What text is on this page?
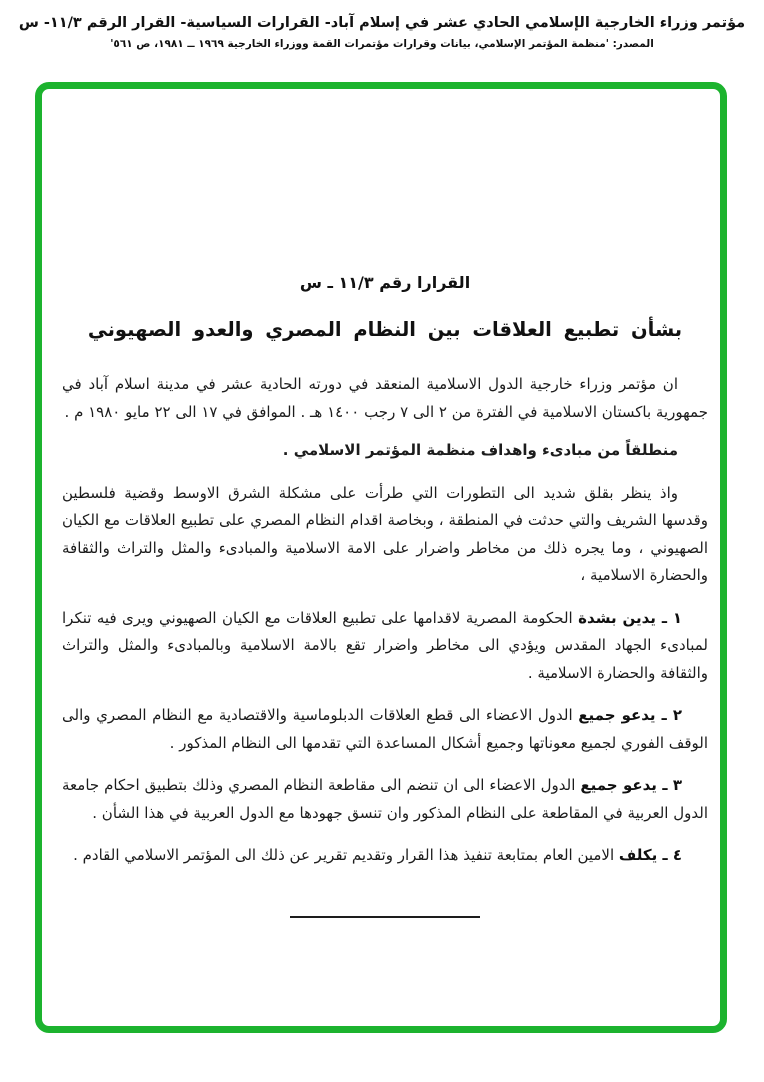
مؤتمر وزراء الخارجية الإسلامي الحادي عشر في إسلام آباد- القرارات السياسية- القرار الرقم ١١/٣- س
المصدر: 'منظمة المؤتمر الإسلامي، بيانات وقرارات مؤتمرات القمة ووزراء الخارجية ١٩٦٩ ــ ١٩٨١، ص ٥٦١'
القرارا رقم ١١/٣ ـ س
بشأن تطبيع العلاقات بين النظام المصري والعدو الصهيوني

ان مؤتمر وزراء خارجية الدول الاسلامية المنعقد في دورته الحادية عشر في مدينة اسلام آباد في جمهورية باكستان الاسلامية في الفترة من ٢ الى ٧ رجب ١٤٠٠ هـ . الموافق في ١٧ الى ٢٢ مايو ١٩٨٠ م .

منطلقاً من مبادىء واهداف منظمة المؤتمر الاسلامي .

واذ ينظر بقلق شديد الى التطورات التي طرأت على مشكلة الشرق الاوسط وقضية فلسطين وقدسها الشريف والتي حدثت في المنطقة ، وبخاصة اقدام النظام المصري على تطبيع العلاقات مع الكيان الصهيوني ، وما يجره ذلك من مخاطر واضرار على الامة الاسلامية والمبادىء والمثل والتراث والثقافة والحضارة الاسلامية ،

١ ـ يدين بشدة الحكومة المصرية لاقدامها على تطبيع العلاقات مع الكيان الصهيوني ويرى فيه تنكرا لمبادىء الجهاد المقدس ويؤدي الى مخاطر واضرار تقع بالامة الاسلامية وبالمبادىء والمثل والتراث والثقافة والحضارة الاسلامية .

٢ ـ يدعو جميع الدول الاعضاء الى قطع العلاقات الدبلوماسية والاقتصادية مع النظام المصري والى الوقف الفوري لجميع معوناتها وجميع أشكال المساعدة التي تقدمها الى النظام المذكور .

٣ ـ يدعو جميع الدول الاعضاء الى ان تنضم الى مقاطعة النظام المصري وذلك بتطبيق احكام جامعة الدول العربية في المقاطعة على النظام المذكور وان تنسق جهودها مع الدول العربية في هذا الشأن .

٤ ـ يكلف الامين العام بمتابعة تنفيذ هذا القرار وتقديم تقرير عن ذلك الى المؤتمر الاسلامي القادم .
